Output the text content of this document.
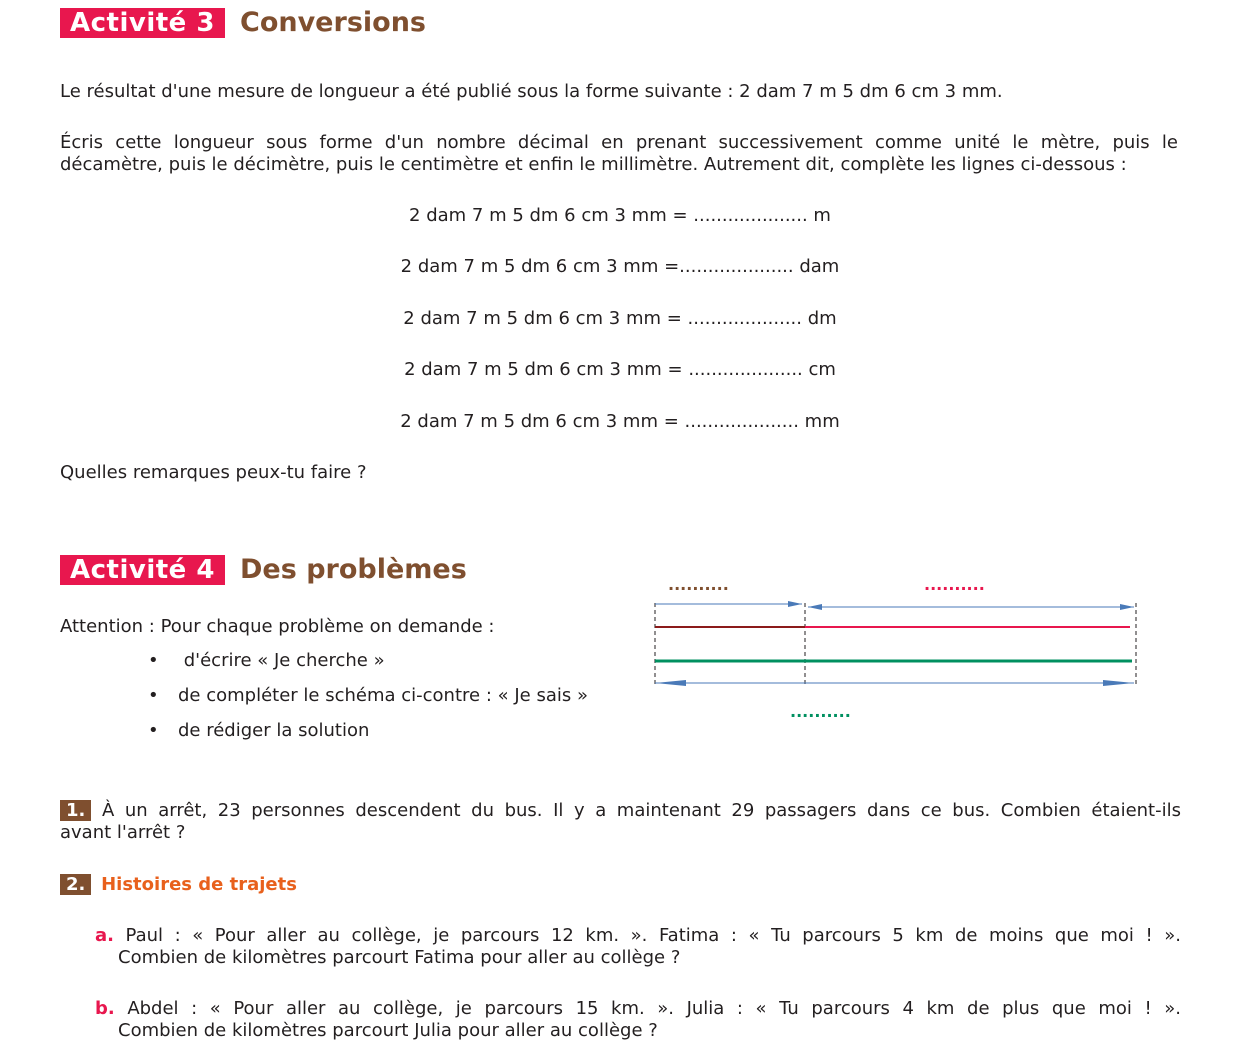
Activité 3 Conversions
Le résultat d'une mesure de longueur a été publié sous la forme suivante : 2 dam 7 m 5 dm 6 cm 3 mm.
Écris cette longueur sous forme d'un nombre décimal en prenant successivement comme unité le mètre, puis le
décamètre, puis le décimètre, puis le centimètre et enfin le millimètre. Autrement dit, complète les lignes ci-dessous :
2 dam 7 m 5 dm 6 cm 3 mm = .................... m
2 dam 7 m 5 dm 6 cm 3 mm =.................... dam
2 dam 7 m 5 dm 6 cm 3 mm = .................... dm
2 dam 7 m 5 dm 6 cm 3 mm = .................... cm
2 dam 7 m 5 dm 6 cm 3 mm = .................... mm
Quelles remarques peux-tu faire ?
Activité 4 Des problèmes
Attention : Pour chaque problème on demande :
• d'écrire « Je cherche »
• de compléter le schéma ci-contre : « Je sais »
• de rédiger la solution
..........	..........
..........
1. À un arrêt, 23 personnes descendent du bus. Il y a maintenant 29 passagers dans ce bus. Combien étaient-ils
avant l'arrêt ?
2. Histoires de trajets
a. Paul : « Pour aller au collège, je parcours 12 km. ». Fatima : « Tu parcours 5 km de moins que moi ! ».
Combien de kilomètres parcourt Fatima pour aller au collège ?
b. Abdel : « Pour aller au collège, je parcours 15 km. ». Julia : « Tu parcours 4 km de plus que moi ! ».
Combien de kilomètres parcourt Julia pour aller au collège ?
